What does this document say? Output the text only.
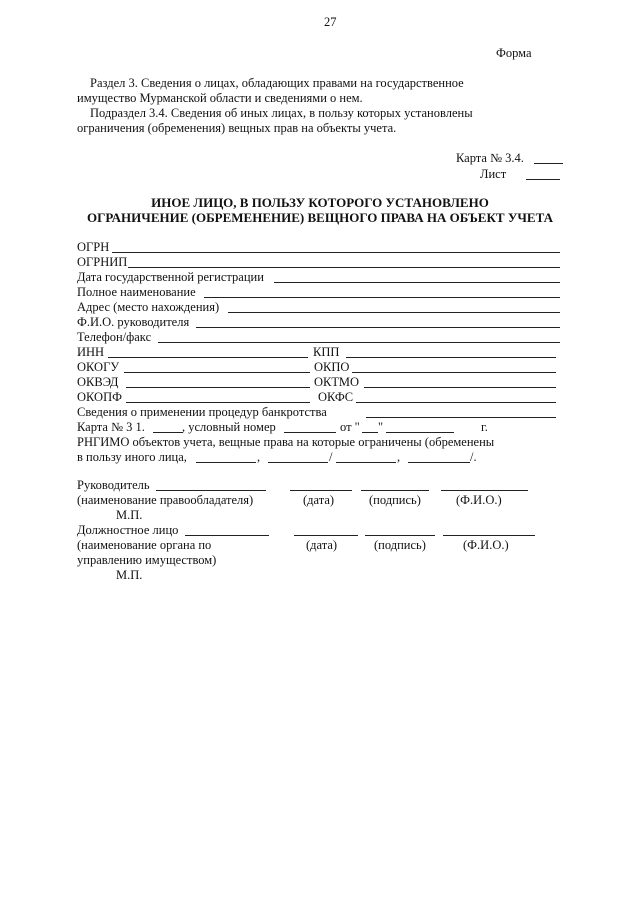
27
Форма
Раздел 3. Сведения о лицах, обладающих правами на государственное
имущество Мурманской области и сведениями о нем.
Подраздел 3.4. Сведения об иных лицах, в пользу которых установлены
ограничения (обременения) вещных прав на объекты учета.
Карта № 3.4.
Лист
ИНОЕ ЛИЦО, В ПОЛЬЗУ КОТОРОГО УСТАНОВЛЕНО
ОГРАНИЧЕНИЕ (ОБРЕМЕНЕНИЕ) ВЕЩНОГО ПРАВА НА ОБЪЕКТ УЧЕТА
ОГРН
ОГРНИП
Дата государственной регистрации
Полное наименование
Адрес (место нахождения)
Ф.И.О. руководителя
Телефон/факс
ИНН	КПП
ОКОГУ	ОКПО
ОКВЭД	ОКТМО
ОКОПФ	ОКФС
Сведения о применении процедур банкротства
Карта № 3 1.	, условный номер	от " "	г.
РНГИМО объектов учета, вещные права на которые ограничены (обременены
в пользу иного лица,	,	/	,	/.
Руководитель
(наименование правообладателя)	(дата)	(подпись)	(Ф.И.О.)
М.П.
Должностное лицо
(наименование органа по	(дата)	(подпись)	(Ф.И.О.)
управлению имуществом)
М.П.
